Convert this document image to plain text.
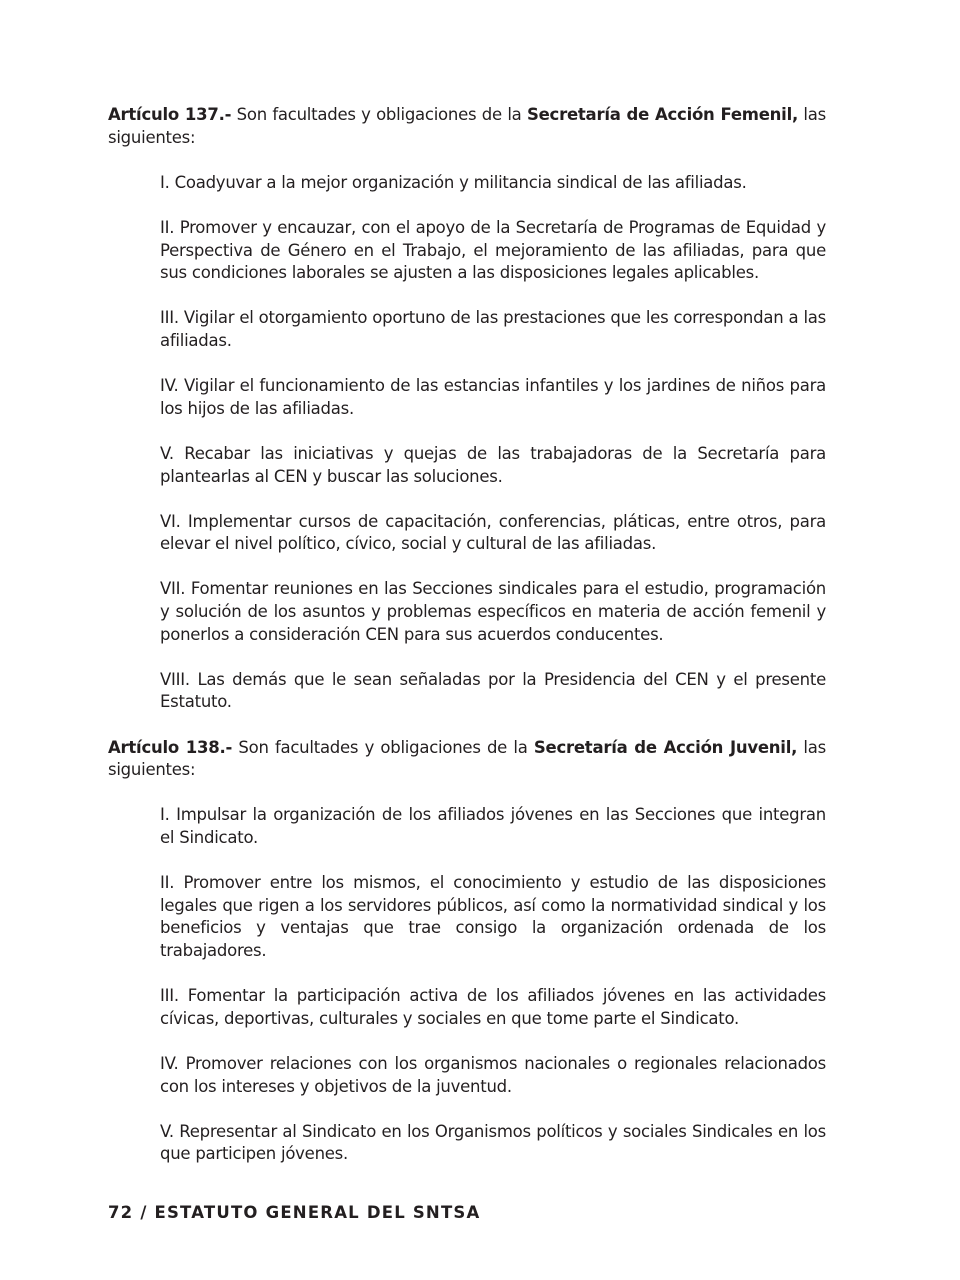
Artículo 137.- Son facultades y obligaciones de la Secretaría de Acción Femenil, las siguientes:

I. Coadyuvar a la mejor organización y militancia sindical de las afiliadas.

II. Promover y encauzar, con el apoyo de la Secretaría de Programas de Equidad y Perspectiva de Género en el Trabajo, el mejoramiento de las afiliadas, para que sus condiciones laborales se ajusten a las disposiciones legales aplicables.

III. Vigilar el otorgamiento oportuno de las prestaciones que les correspondan a las afiliadas.

IV. Vigilar el funcionamiento de las estancias infantiles y los jardines de niños para los hijos de las afiliadas.

V. Recabar las iniciativas y quejas de las trabajadoras de la Secretaría para plantearlas al CEN y buscar las soluciones.

VI. Implementar cursos de capacitación, conferencias, pláticas, entre otros, para elevar el nivel político, cívico, social y cultural de las afiliadas.

VII. Fomentar reuniones en las Secciones sindicales para el estudio, programación y solución de los asuntos y problemas específicos en materia de acción femenil y ponerlos a consideración CEN para sus acuerdos conducentes.

VIII. Las demás que le sean señaladas por la Presidencia del CEN y el presente Estatuto.

Artículo 138.- Son facultades y obligaciones de la Secretaría de Acción Juvenil, las siguientes:

I. Impulsar la organización de los afiliados jóvenes en las Secciones que integran el Sindicato.

II. Promover entre los mismos, el conocimiento y estudio de las disposiciones legales que rigen a los servidores públicos, así como la normatividad sindical y los beneficios y ventajas que trae consigo la organización ordenada de los trabajadores.

III. Fomentar la participación activa de los afiliados jóvenes en las actividades cívicas, deportivas, culturales y sociales en que tome parte el Sindicato.

IV. Promover relaciones con los organismos nacionales o regionales relacionados con los intereses y objetivos de la juventud.

V. Representar al Sindicato en los Organismos políticos y sociales Sindicales en los que participen jóvenes.

72 / ESTATUTO GENERAL DEL SNTSA
